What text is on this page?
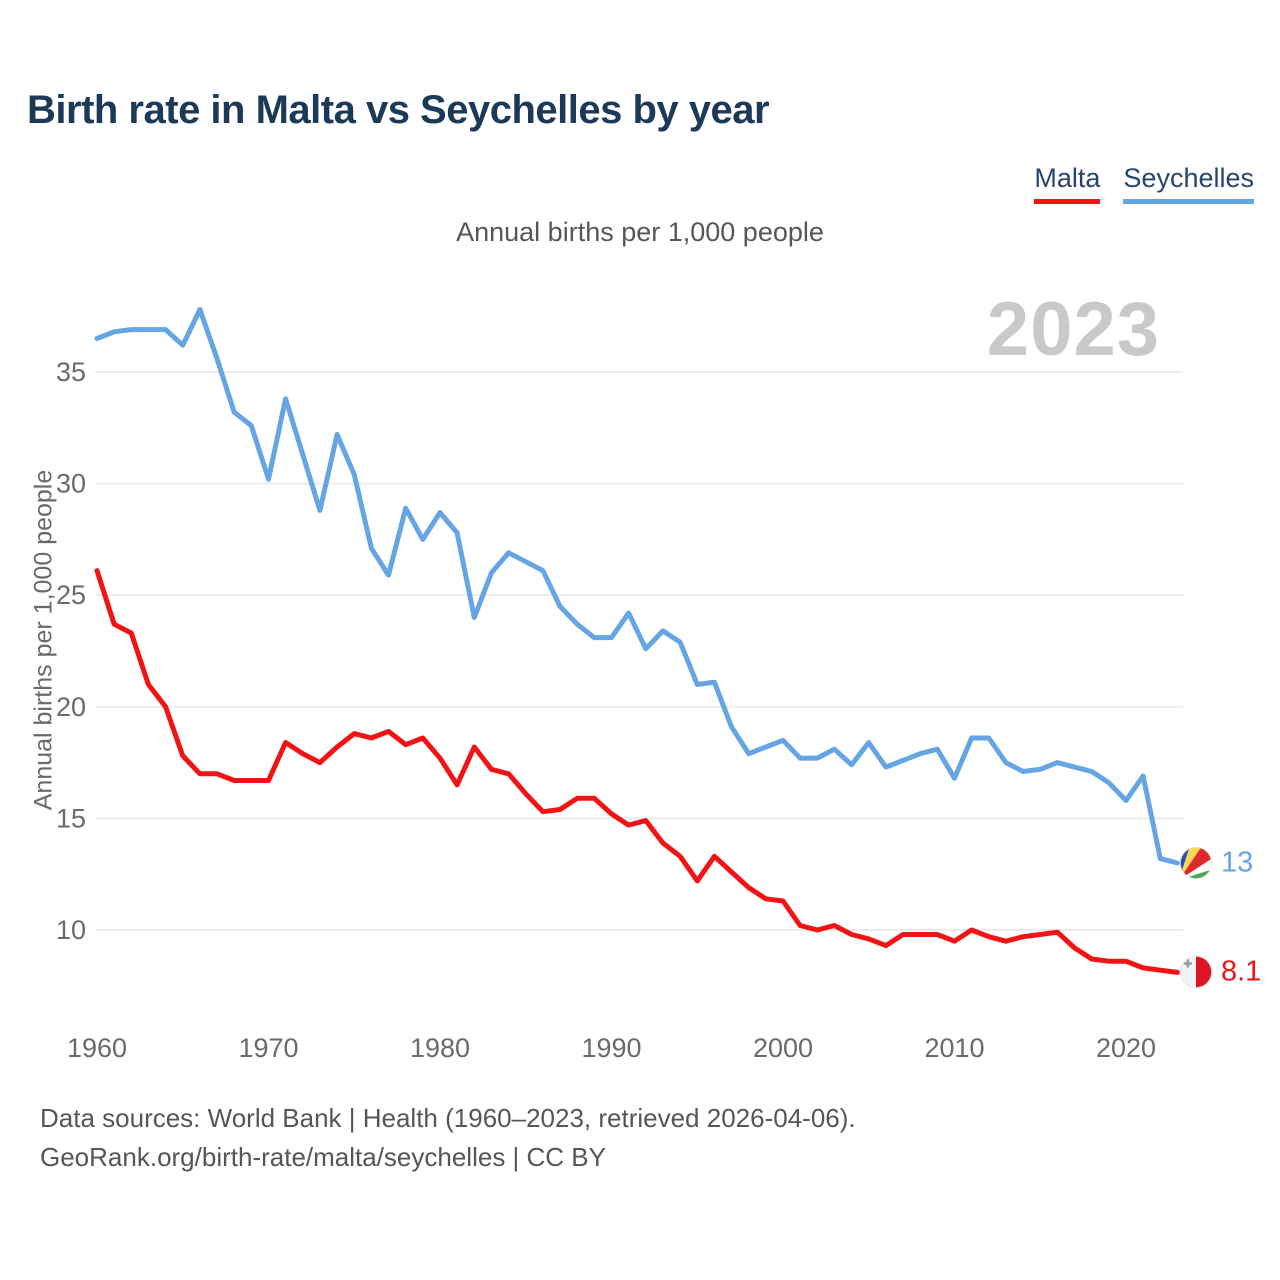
Birth rate in Malta vs Seychelles by year
Malta Seychelles
Annual births per 1,000 people
2023
Annual births per 1,000 people
10
15
20
25
30
35
1960	1970	1980	1990	2000	2010	2020
13
8.1
Data sources: World Bank | Health (1960–2023, retrieved 2026-04-06).
GeoRank.org/birth-rate/malta/seychelles | CC BY
